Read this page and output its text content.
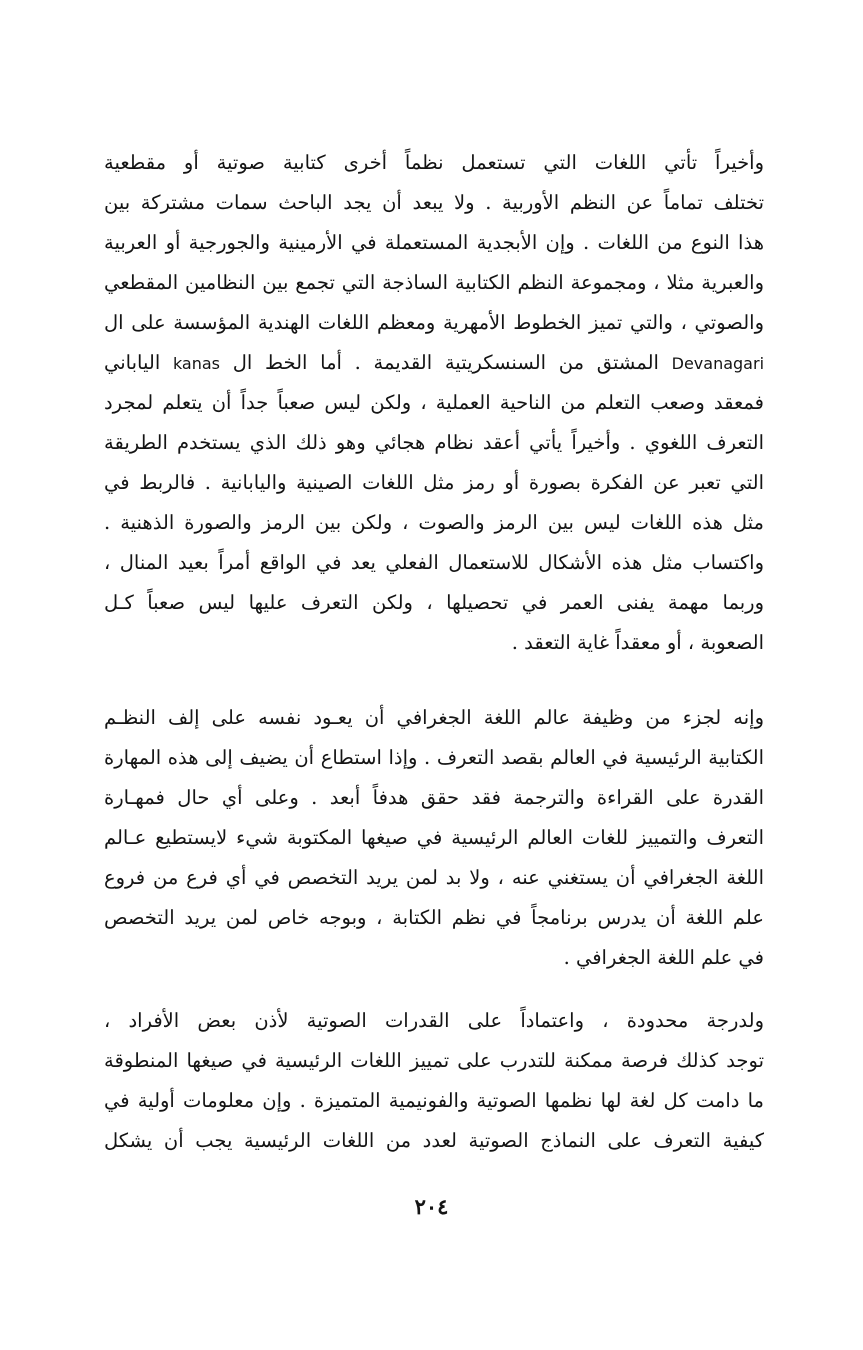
وأخيراً تأتي اللغات التي تستعمل نظماً أخرى كتابية صوتية أو مقطعية
تختلف تماماً عن النظم الأوربية . ولا يبعد أن يجد الباحث سمات مشتركة بين
هذا النوع من اللغات . وإن الأبجدية المستعملة في الأرمينية والجورجية أو العربية
والعبرية مثلا ، ومجموعة النظم الكتابية الساذجة التي تجمع بين النظامين المقطعي
والصوتي ، والتي تميز الخطوط الأمهرية ومعظم اللغات الهندية المؤسسة على ال
Devanagari المشتق من السنسكريتية القديمة . أما الخط ال kanas الياباني
فمعقد وصعب التعلم من الناحية العملية ، ولكن ليس صعباً جداً أن يتعلم لمجرد
التعرف اللغوي . وأخيراً يأتي أعقد نظام هجائي وهو ذلك الذي يستخدم الطريقة
التي تعبر عن الفكرة بصورة أو رمز مثل اللغات الصينية واليابانية . فالربط في
مثل هذه اللغات ليس بين الرمز والصوت ، ولكن بين الرمز والصورة الذهنية .
واكتساب مثل هذه الأشكال للاستعمال الفعلي يعد في الواقع أمراً بعيد المنال ،
وربما مهمة يفنى العمر في تحصيلها ، ولكن التعرف عليها ليس صعباً كـل
الصعوبة ، أو معقداً غاية التعقد .
وإنه لجزء من وظيفة عالم اللغة الجغرافي أن يعـود نفسه على إلف النظـم
الكتابية الرئيسية في العالم بقصد التعرف . وإذا استطاع أن يضيف إلى هذه المهارة
القدرة على القراءة والترجمة فقد حقق هدفاً أبعد . وعلى أي حال فمهـارة
التعرف والتمييز للغات العالم الرئيسية في صيغها المكتوبة شيء لايستطيع عـالم
اللغة الجغرافي أن يستغني عنه ، ولا بد لمن يريد التخصص في أي فرع من فروع
علم اللغة أن يدرس برنامجاً في نظم الكتابة ، وبوجه خاص لمن يريد التخصص
في علم اللغة الجغرافي .
ولدرجة محدودة ، واعتماداً على القدرات الصوتية لأذن بعض الأفراد ،
توجد كذلك فرصة ممكنة للتدرب على تمييز اللغات الرئيسية في صيغها المنطوقة
ما دامت كل لغة لها نظمها الصوتية والفونيمية المتميزة . وإن معلومات أولية في
كيفية التعرف على النماذج الصوتية لعدد من اللغات الرئيسية يجب أن يشكل
٢٠٤
